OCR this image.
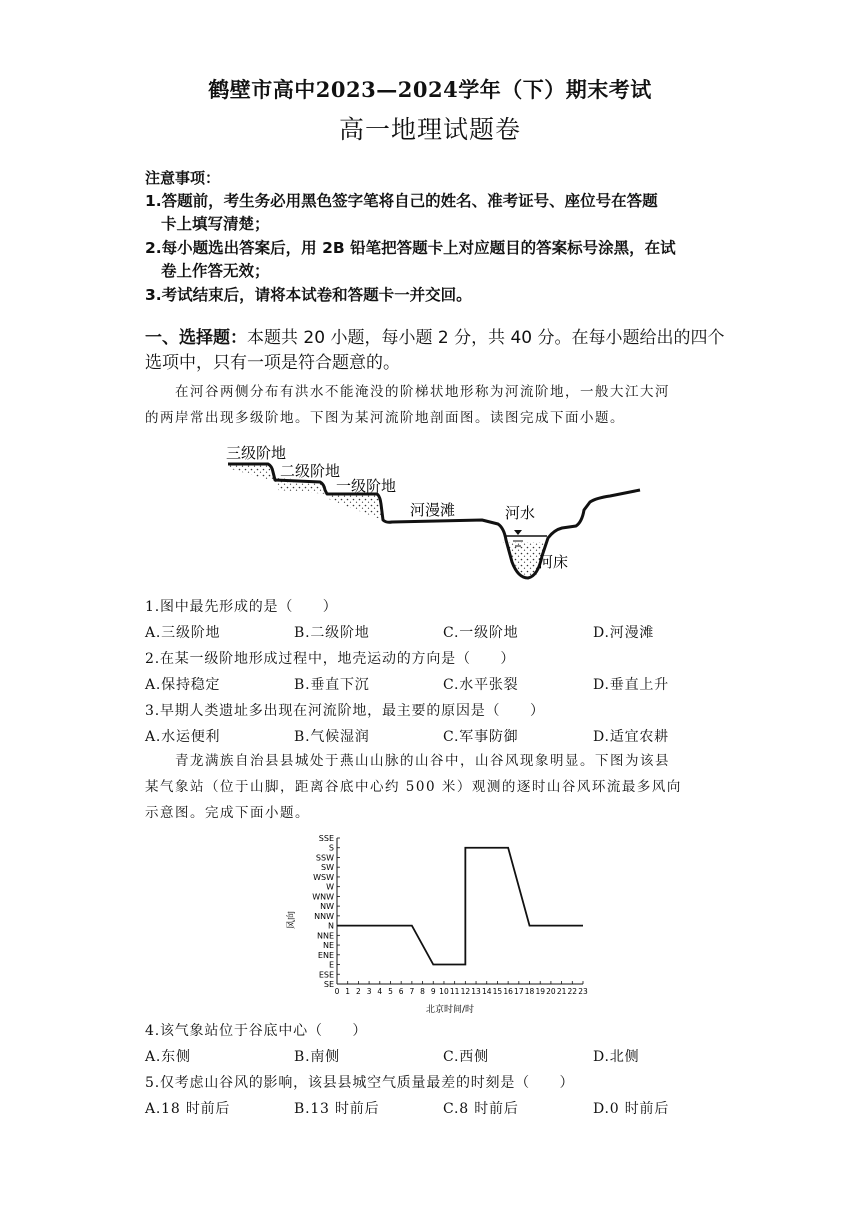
鹤壁市高中2023—2024学年（下）期末考试
高一地理试题卷
注意事项：
1.答题前，考生务必用黑色签字笔将自己的姓名、准考证号、座位号在答题
卡上填写清楚；
2.每小题选出答案后，用 2B 铅笔把答题卡上对应题目的答案标号涂黑，在试
卷上作答无效；
3.考试结束后，请将本试卷和答题卡一并交回。
一、选择题：本题共 20 小题，每小题 2 分，共 40 分。在每小题给出的四个
选项中，只有一项是符合题意的。
在河谷两侧分布有洪水不能淹没的阶梯状地形称为河流阶地，一般大江大河
的两岸常出现多级阶地。下图为某河流阶地剖面图。读图完成下面小题。
三级阶地
二级阶地
一级阶地
河漫滩	河水
河床
1.图中最先形成的是（　　）
A.三级阶地	B.二级阶地	C.一级阶地	D.河漫滩
2.在某一级阶地形成过程中，地壳运动的方向是（　　）
A.保持稳定	B.垂直下沉	C.水平张裂	D.垂直上升
3.早期人类遗址多出现在河流阶地，最主要的原因是（　　）
A.水运便利	B.气候湿润	C.军事防御	D.适宜农耕
青龙满族自治县县城处于燕山山脉的山谷中，山谷风现象明显。下图为该县
某气象站（位于山脚，距离谷底中心约 500 米）观测的逐时山谷风环流最多风向
示意图。完成下面小题。
SSE
S
SSW
SW
WSW
W
WNW
NW
NNW
N
NNE
NE
ENE
E
ESE
SE
0 1 2 3 4 5 6 7 8 9 10 11 12 13 14 15 16 17 18 19 20 21 22 23
风向
北京时间/时
4.该气象站位于谷底中心（　　）
A.东侧	B.南侧	C.西侧	D.北侧
5.仅考虑山谷风的影响，该县县城空气质量最差的时刻是（　　）
A.18 时前后	B.13 时前后	C.8 时前后	D.0 时前后
